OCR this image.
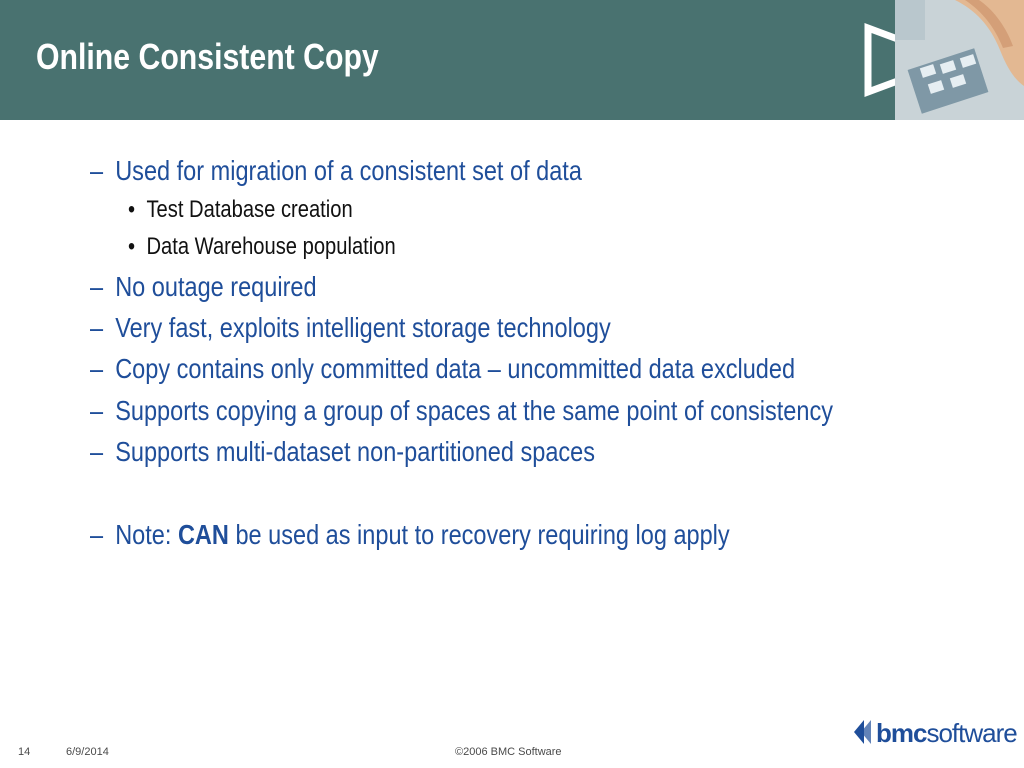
Online Consistent Copy
– Used for migration of a consistent set of data
• Test Database creation
• Data Warehouse population
– No outage required
– Very fast, exploits intelligent storage technology
– Copy contains only committed data – uncommitted data excluded
– Supports copying a group of spaces at the same point of consistency
– Supports multi-dataset non-partitioned spaces
– Note: CAN be used as input to recovery requiring log apply
14	6/9/2014	©2006 BMC Software
bmcsoftware
